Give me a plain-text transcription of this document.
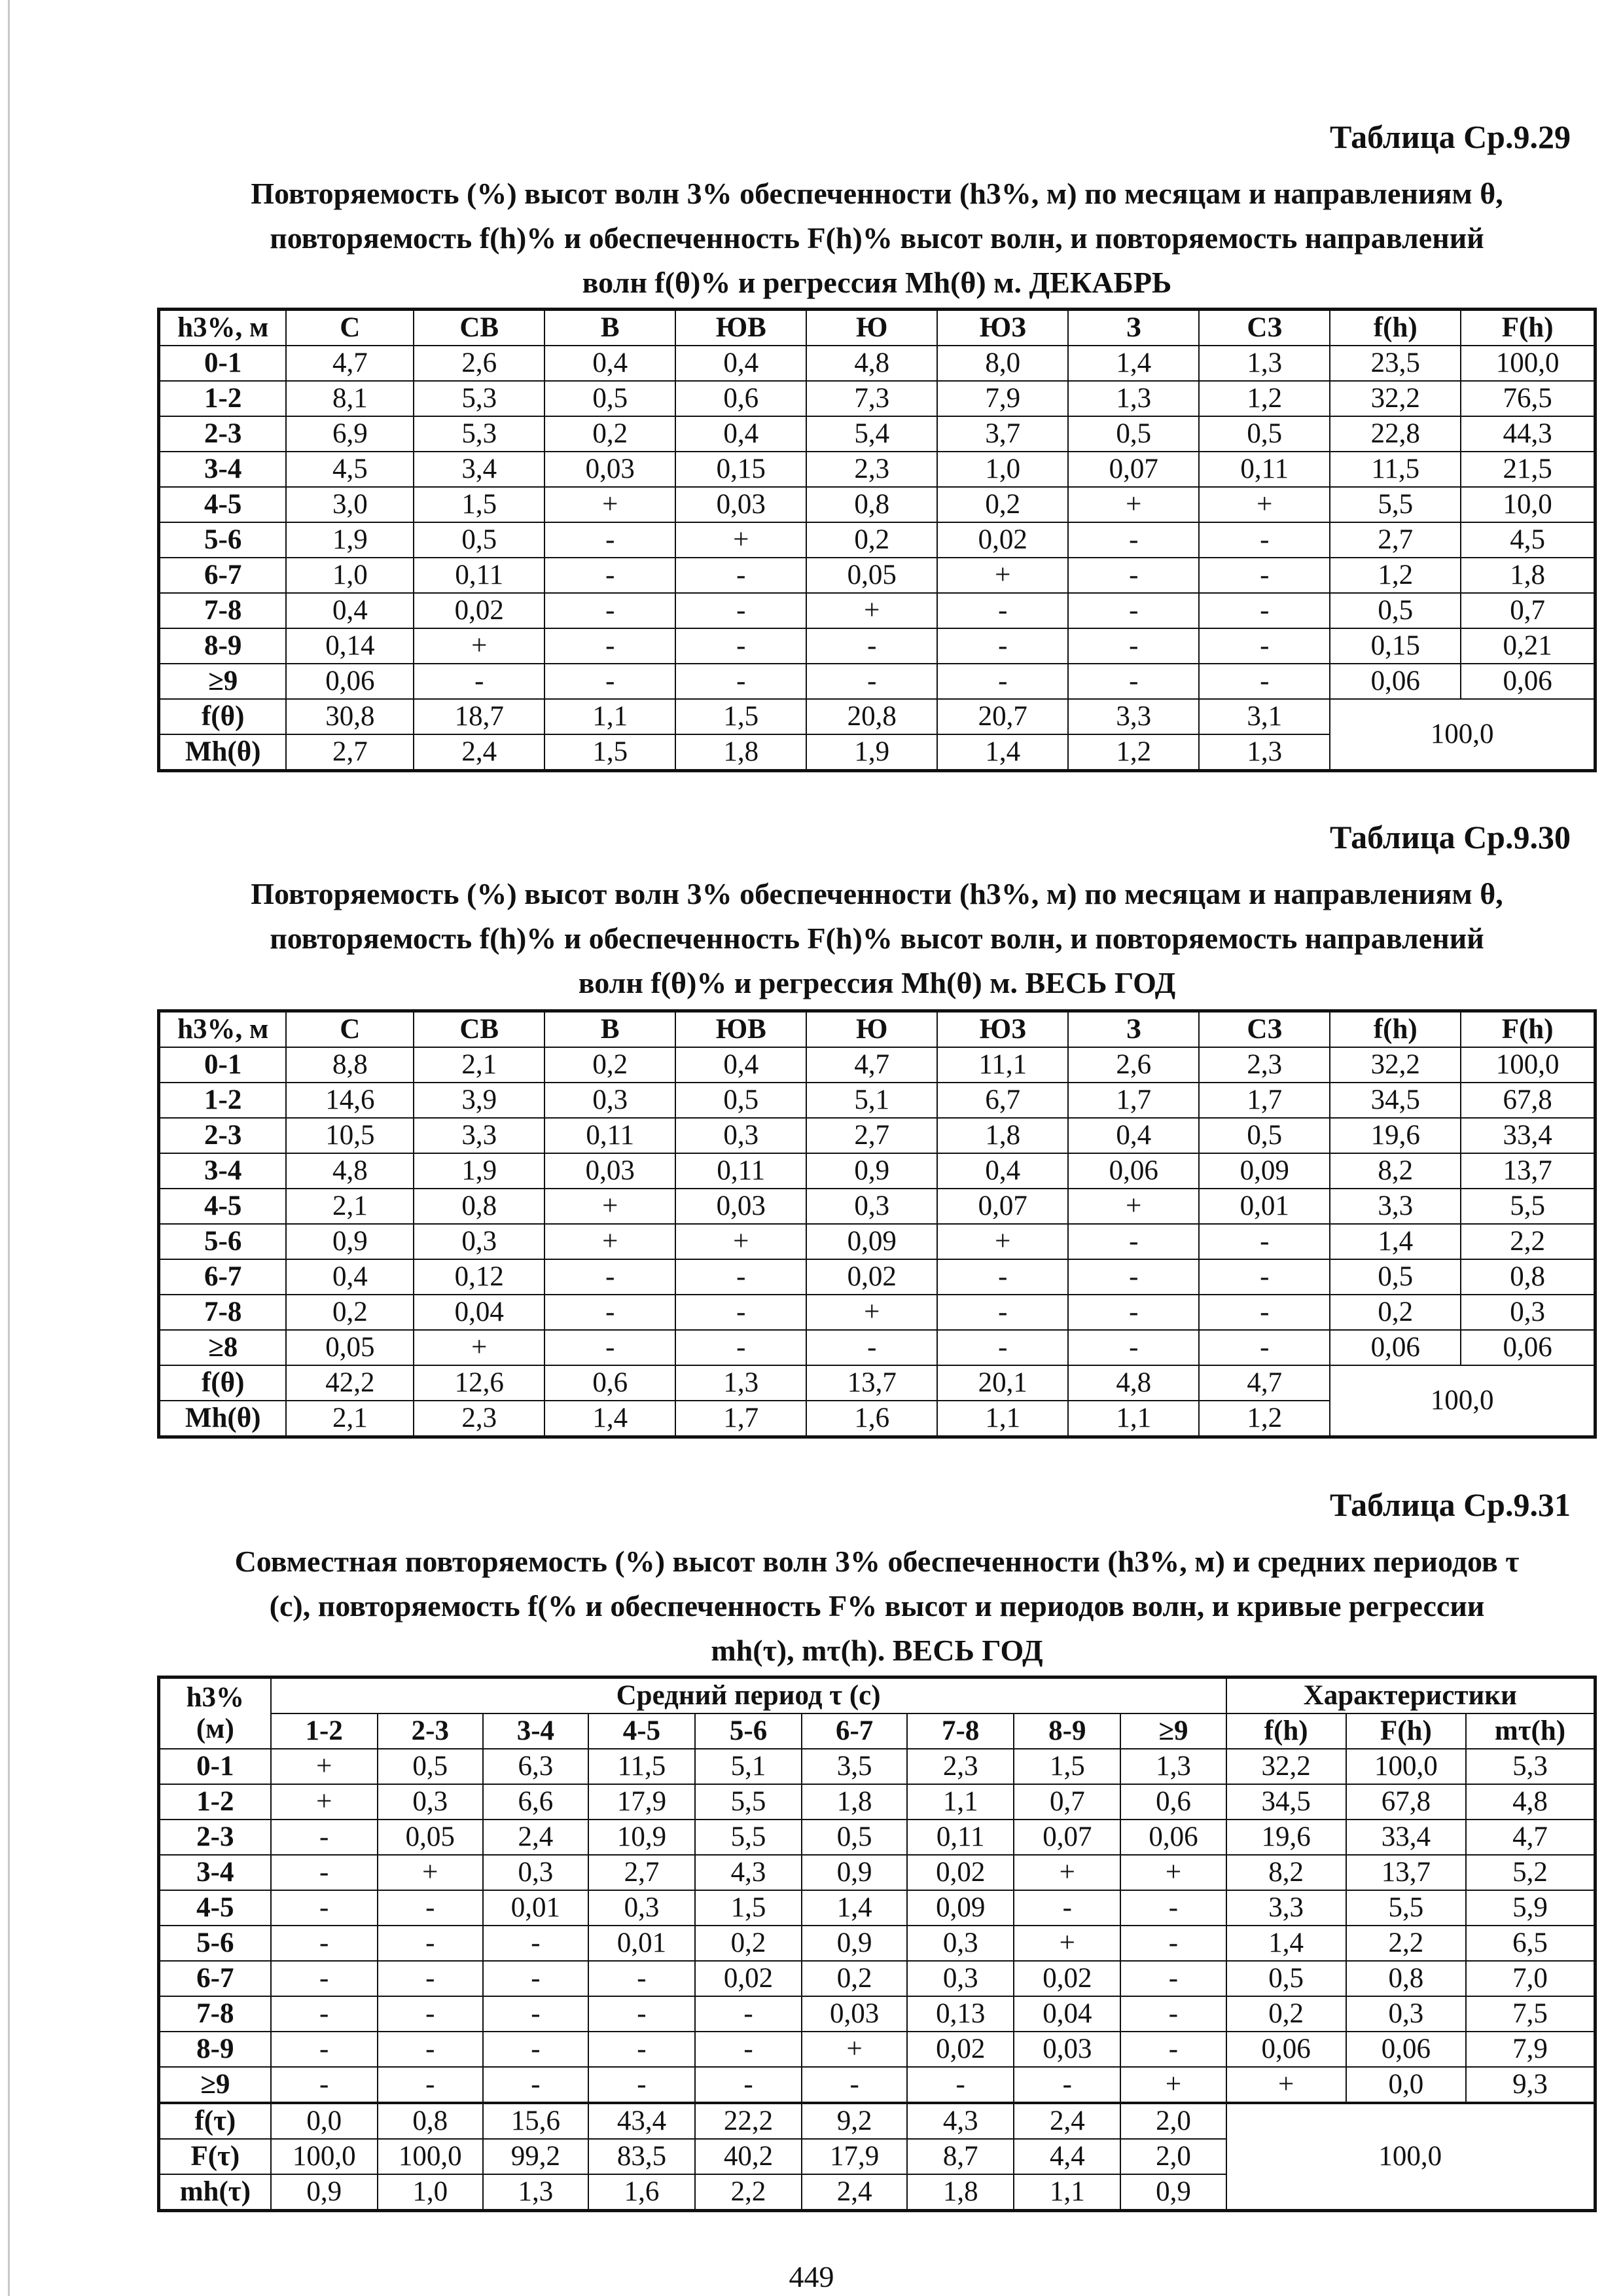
Таблица Ср.9.29
Повторяемость (%) высот волн 3% обеспеченности (h3%, м) по месяцам и направлениям θ,
повторяемость f(h)% и обеспеченность F(h)% высот волн, и повторяемость направлений
волн f(θ)% и регрессия Mh(θ) м. ДЕКАБРЬ
h3%, м	С	СВ	В	ЮВ	Ю	ЮЗ	З	СЗ	f(h)	F(h)
0-1	4,7	2,6	0,4	0,4	4,8	8,0	1,4	1,3	23,5	100,0
1-2	8,1	5,3	0,5	0,6	7,3	7,9	1,3	1,2	32,2	76,5
2-3	6,9	5,3	0,2	0,4	5,4	3,7	0,5	0,5	22,8	44,3
3-4	4,5	3,4	0,03	0,15	2,3	1,0	0,07	0,11	11,5	21,5
4-5	3,0	1,5	+	0,03	0,8	0,2	+	+	5,5	10,0
5-6	1,9	0,5	-	+	0,2	0,02	-	-	2,7	4,5
6-7	1,0	0,11	-	-	0,05	+	-	-	1,2	1,8
7-8	0,4	0,02	-	-	+	-	-	-	0,5	0,7
8-9	0,14	+	-	-	-	-	-	-	0,15	0,21
≥9	0,06	-	-	-	-	-	-	-	0,06	0,06
f(θ)	30,8	18,7	1,1	1,5	20,8	20,7	3,3	3,1	100,0	
Mh(θ)	2,7	2,4	1,5	1,8	1,9	1,4	1,2	1,3		
Таблица Ср.9.30
Повторяемость (%) высот волн 3% обеспеченности (h3%, м) по месяцам и направлениям θ,
повторяемость f(h)% и обеспеченность F(h)% высот волн, и повторяемость направлений
волн f(θ)% и регрессия Mh(θ) м. ВЕСЬ ГОД
h3%, м	С	СВ	В	ЮВ	Ю	ЮЗ	З	СЗ	f(h)	F(h)
0-1	8,8	2,1	0,2	0,4	4,7	11,1	2,6	2,3	32,2	100,0
1-2	14,6	3,9	0,3	0,5	5,1	6,7	1,7	1,7	34,5	67,8
2-3	10,5	3,3	0,11	0,3	2,7	1,8	0,4	0,5	19,6	33,4
3-4	4,8	1,9	0,03	0,11	0,9	0,4	0,06	0,09	8,2	13,7
4-5	2,1	0,8	+	0,03	0,3	0,07	+	0,01	3,3	5,5
5-6	0,9	0,3	+	+	0,09	+	-	-	1,4	2,2
6-7	0,4	0,12	-	-	0,02	-	-	-	0,5	0,8
7-8	0,2	0,04	-	-	+	-	-	-	0,2	0,3
≥8	0,05	+	-	-	-	-	-	-	0,06	0,06
f(θ)	42,2	12,6	0,6	1,3	13,7	20,1	4,8	4,7	100,0	
Mh(θ)	2,1	2,3	1,4	1,7	1,6	1,1	1,1	1,2		
Таблица Ср.9.31
Совместная повторяемость (%) высот волн 3% обеспеченности (h3%, м) и средних периодов τ
(с), повторяемость f(% и обеспеченность F% высот и периодов волн, и кривые регрессии
mh(τ), mτ(h). ВЕСЬ ГОД
h3%
(м)	Средний период τ (с)									Характеристики		
	1-2	2-3	3-4	4-5	5-6	6-7	7-8	8-9	≥9	f(h)	F(h)	mτ(h)
0-1	+	0,5	6,3	11,5	5,1	3,5	2,3	1,5	1,3	32,2	100,0	5,3
1-2	+	0,3	6,6	17,9	5,5	1,8	1,1	0,7	0,6	34,5	67,8	4,8
2-3	-	0,05	2,4	10,9	5,5	0,5	0,11	0,07	0,06	19,6	33,4	4,7
3-4	-	+	0,3	2,7	4,3	0,9	0,02	+	+	8,2	13,7	5,2
4-5	-	-	0,01	0,3	1,5	1,4	0,09	-	-	3,3	5,5	5,9
5-6	-	-	-	0,01	0,2	0,9	0,3	+	-	1,4	2,2	6,5
6-7	-	-	-	-	0,02	0,2	0,3	0,02	-	0,5	0,8	7,0
7-8	-	-	-	-	-	0,03	0,13	0,04	-	0,2	0,3	7,5
8-9	-	-	-	-	-	+	0,02	0,03	-	0,06	0,06	7,9
≥9	-	-	-	-	-	-	-	-	+	+	0,0	9,3
f(τ)	0,0	0,8	15,6	43,4	22,2	9,2	4,3	2,4	2,0	100,0		
F(τ)	100,0	100,0	99,2	83,5	40,2	17,9	8,7	4,4	2,0			
mh(τ)	0,9	1,0	1,3	1,6	2,2	2,4	1,8	1,1	0,9			
449
